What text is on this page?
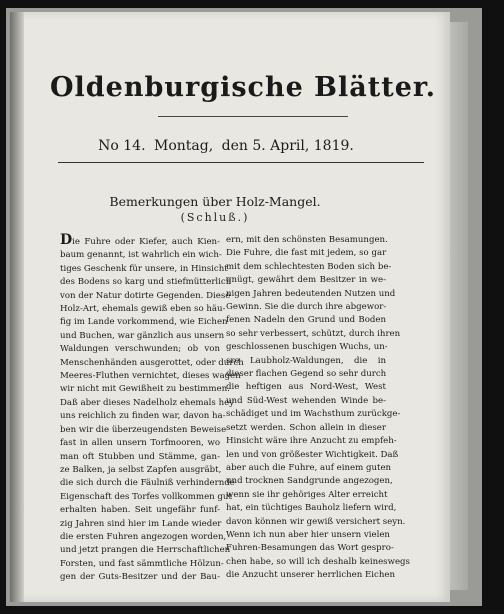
Oldenburgische Blätter.
No 14. Montag, den 5. April, 1819.
Bemerkungen über Holz-Mangel.
(Schluß.)
Die Fuhre oder Kiefer, auch Kien-
baum genannt, ist wahrlich ein wich-
tiges Geschenk für unsere, in Hinsicht
des Bodens so karg und stiefmütterlich
von der Natur dotirte Gegenden. Diese
Holz-Art, ehemals gewiß eben so häu-
fig im Lande vorkommend, wie Eichen
und Buchen, war gänzlich aus unsern
Waldungen verschwunden; ob von
Menschenhänden ausgerottet, oder durch
Meeres-Fluthen vernichtet, dieses wagen
wir nicht mit Gewißheit zu bestimmen.
Daß aber dieses Nadelholz ehemals hey
uns reichlich zu finden war, davon ha-
ben wir die überzeugendsten Beweise
fast in allen unsern Torfmooren, wo
man oft Stubben und Stämme, gan-
ze Balken, ja selbst Zapfen ausgräbt,
die sich durch die Fäulniß verhindernde
Eigenschaft des Torfes vollkommen gut
erhalten haben. Seit ungefähr funf-
zig Jahren sind hier im Lande wieder
die ersten Fuhren angezogen worden,
und jetzt prangen die Herrschaftlichen
Forsten, und fast sämmtliche Hölzun-
gen der Guts-Besitzer und der Bau-
ern, mit den schönsten Besamungen.
Die Fuhre, die fast mit jedem, so gar
mit dem schlechtesten Boden sich be-
gnügt, gewährt dem Besitzer in we-
nigen Jahren bedeutenden Nutzen und
Gewinn. Sie die durch ihre abgewor-
fenen Nadeln den Grund und Boden
so sehr verbessert, schützt, durch ihren
geschlossenen buschigen Wuchs, un-
sre Laubholz-Waldungen, die in
dieser flachen Gegend so sehr durch
die heftigen aus Nord-West, West
und Süd-West wehenden Winde be-
schädiget und im Wachsthum zurückge-
setzt werden. Schon allein in dieser
Hinsicht wäre ihre Anzucht zu empfeh-
len und von größester Wichtigkeit. Daß
aber auch die Fuhre, auf einem guten
und trocknen Sandgrunde angezogen,
wenn sie ihr gehöriges Alter erreicht
hat, ein tüchtiges Bauholz liefern wird,
davon können wir gewiß versichert seyn.
Wenn ich nun aber hier unsern vielen
Fuhren-Besamungen das Wort gespro-
chen habe, so will ich deshalb keineswegs
die Anzucht unserer herrlichen Eichen
